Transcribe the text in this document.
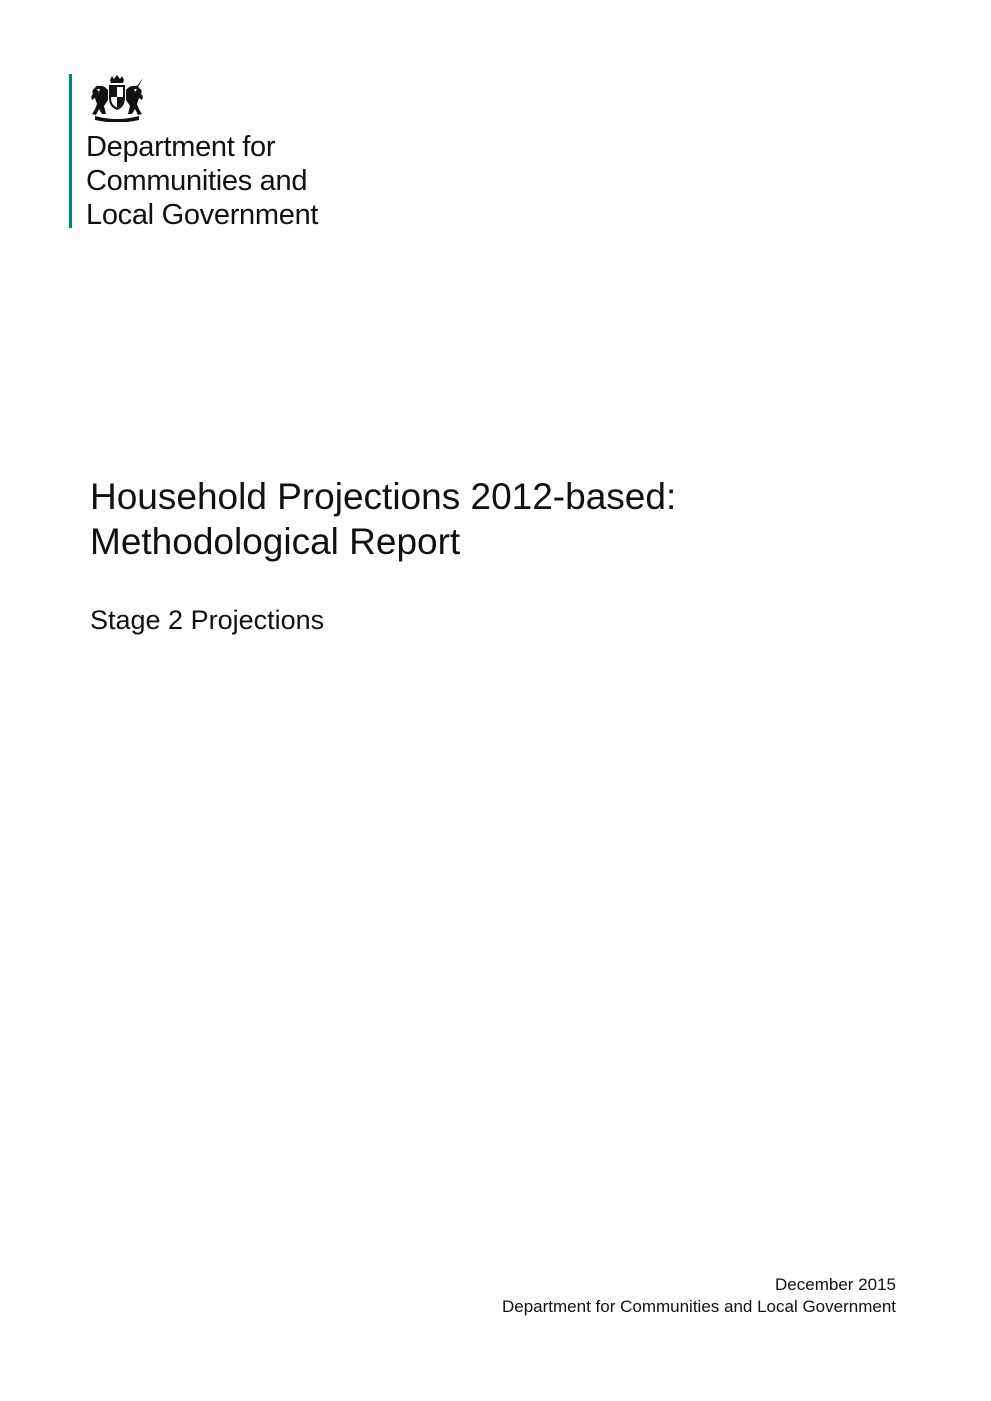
Department for
Communities and
Local Government
Household Projections 2012-based:
Methodological Report
Stage 2 Projections
December 2015
Department for Communities and Local Government
